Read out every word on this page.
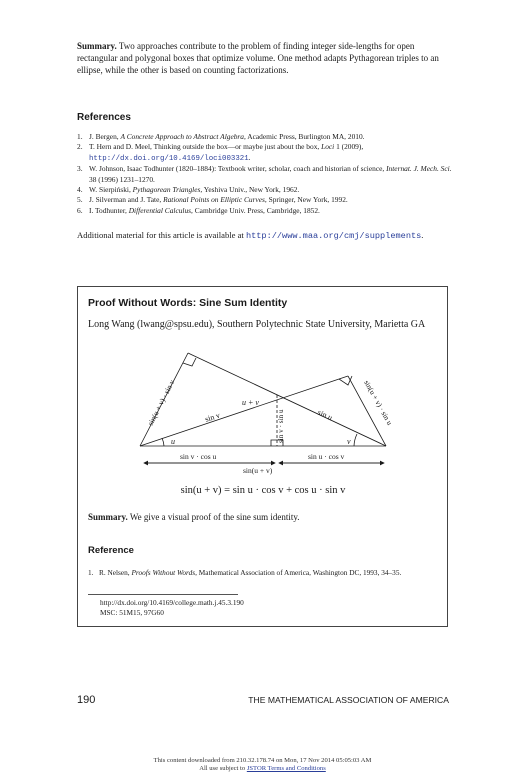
Summary. Two approaches contribute to the problem of finding integer side-lengths for open rectangular and polygonal boxes that optimize volume. One method adapts Pythagorean triples to an ellipse, while the other is based on counting factorizations.
References
1. J. Bergen, A Concrete Approach to Abstract Algebra, Academic Press, Burlington MA, 2010.
2. T. Hern and D. Meel, Thinking outside the box—or maybe just about the box, Loci 1 (2009), http://dx.doi.org/10.4169/loci003321.
3. W. Johnson, Isaac Todhunter (1820–1884): Textbook writer, scholar, coach and historian of science, Internat. J. Mech. Sci. 38 (1996) 1231–1270.
4. W. Sierpiński, Pythagorean Triangles, Yeshiva Univ., New York, 1962.
5. J. Silverman and J. Tate, Rational Points on Elliptic Curves, Springer, New York, 1992.
6. I. Todhunter, Differential Calculus, Cambridge Univ. Press, Cambridge, 1852.
Additional material for this article is available at http://www.maa.org/cmj/supplements.
Proof Without Words: Sine Sum Identity
Long Wang (lwang@spsu.edu), Southern Polytechnic State University, Marietta GA
sin(u + v) · sin v	sin v
u + v
sin v · sin u	sin u	sin(u + v) · sin u
u	v
sin v · cos u	sin u · cos v
sin(u + v)
sin(u + v) = sin u · cos v + cos u · sin v
Summary. We give a visual proof of the sine sum identity.
Reference
1. R. Nelsen, Proofs Without Words, Mathematical Association of America, Washington DC, 1993, 34–35.
http://dx.doi.org/10.4169/college.math.j.45.3.190
MSC: 51M15, 97G60
190	THE MATHEMATICAL ASSOCIATION OF AMERICA
This content downloaded from 210.32.178.74 on Mon, 17 Nov 2014 05:05:03 AM
All use subject to JSTOR Terms and Conditions
